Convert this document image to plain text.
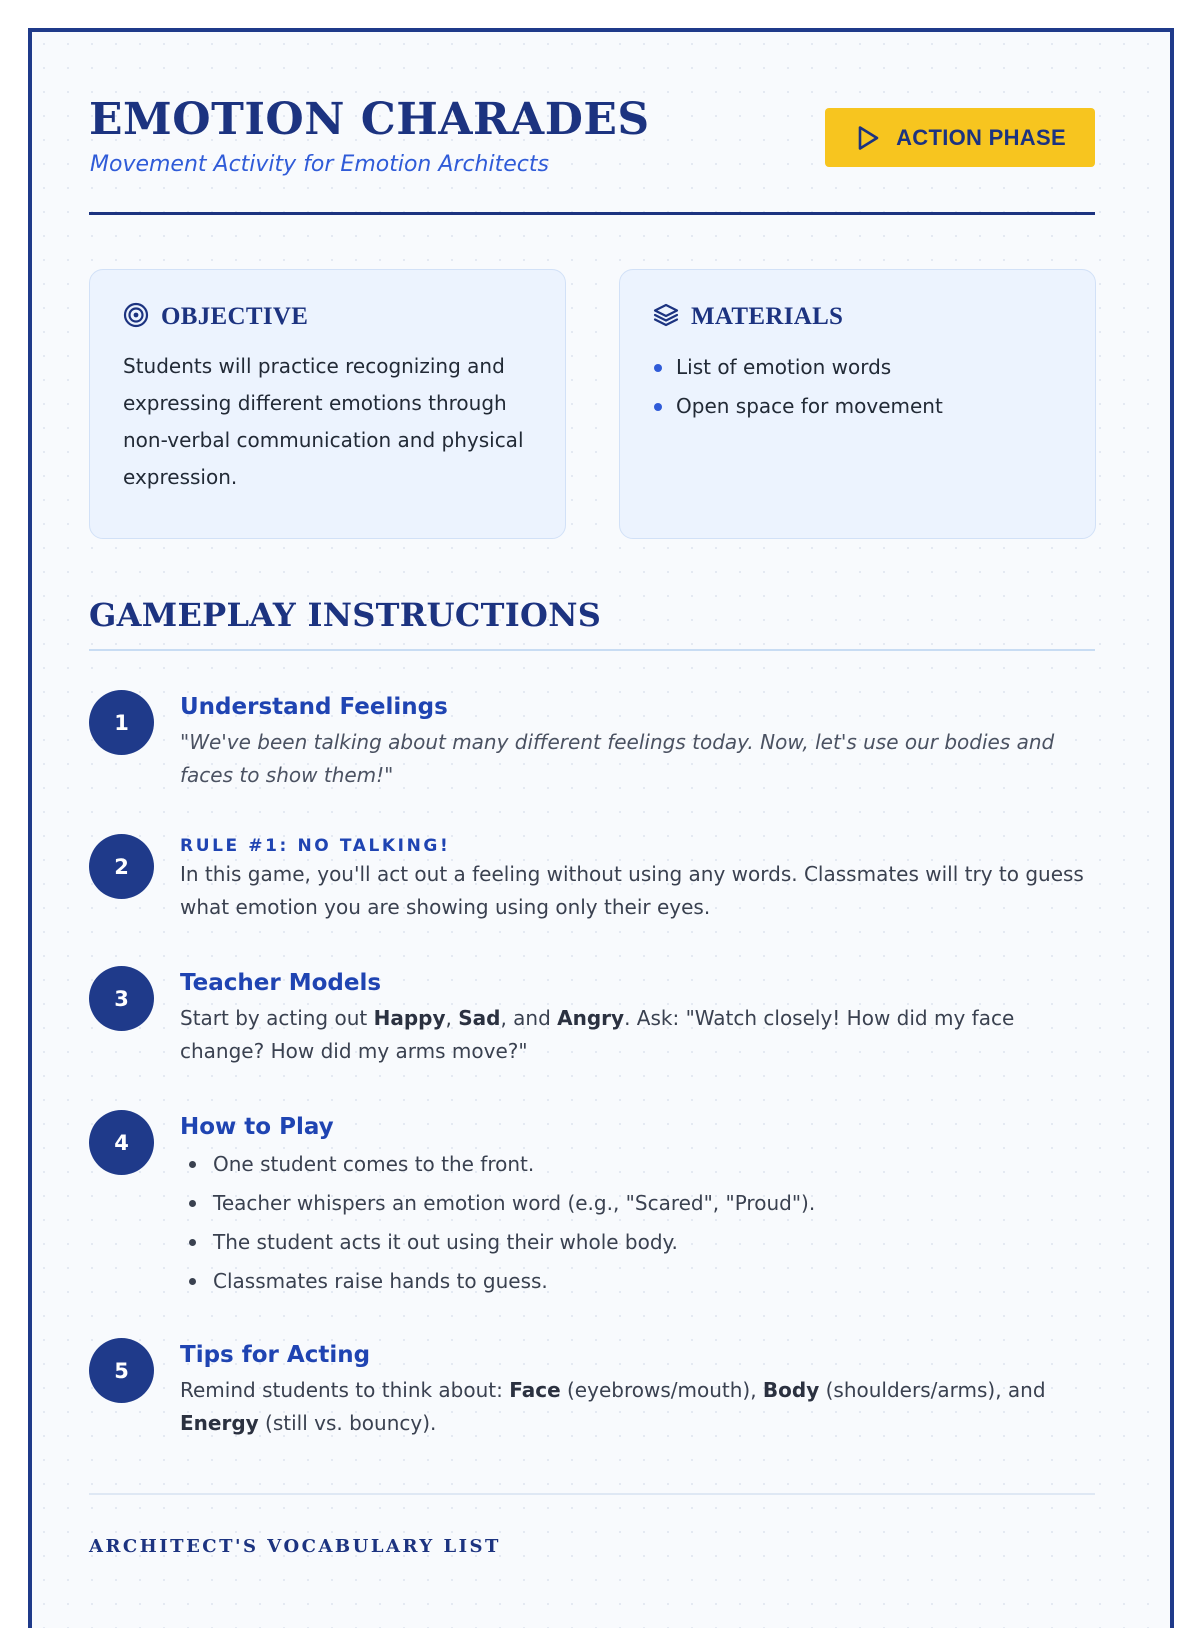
EMOTION CHARADES
Movement Activity for Emotion Architects
ACTION PHASE
OBJECTIVE

Students will practice recognizing and expressing different emotions through non-verbal communication and physical expression.

MATERIALS
List of emotion words
Open space for movement
GAMEPLAY INSTRUCTIONS
1
Understand Feelings

"We've been talking about many different feelings today. Now, let's use our bodies and faces to show them!"

2
RULE #1: NO TALKING!

In this game, you'll act out a feeling without using any words. Classmates will try to guess what emotion you are showing using only their eyes.

3
Teacher Models

Start by acting out Happy, Sad, and Angry. Ask: "Watch closely! How did my face change? How did my arms move?"

4
How to Play
One student comes to the front.
Teacher whispers an emotion word (e.g., "Scared", "Proud").
The student acts it out using their whole body.
Classmates raise hands to guess.
5
Tips for Acting

Remind students to think about: Face (eyebrows/mouth), Body (shoulders/arms), and
Energy (still vs. bouncy).

ARCHITECT'S VOCABULARY LIST
